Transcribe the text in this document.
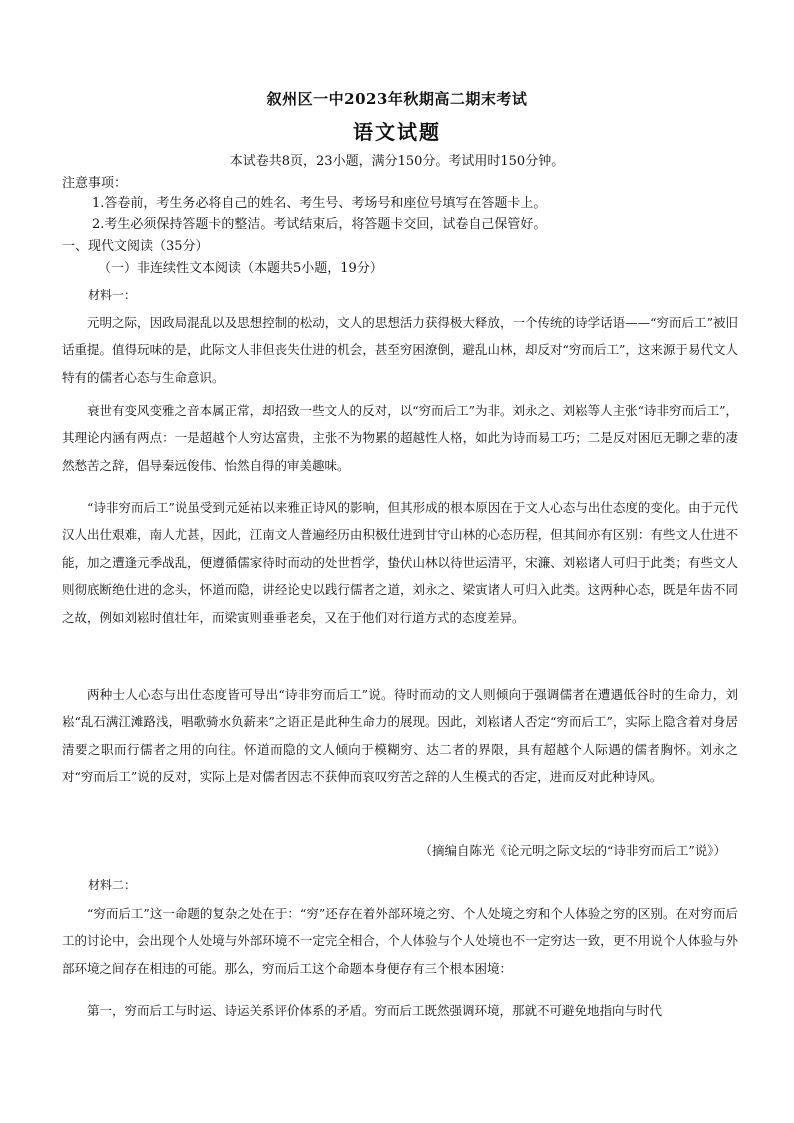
叙州区一中2023年秋期高二期末考试
语文试题
本试卷共8页，23小题，满分150分。考试用时150分钟。
注意事项：
1.答卷前，考生务必将自己的姓名、考生号、考场号和座位号填写在答题卡上。
2.考生必须保持答题卡的整洁。考试结束后，将答题卡交回，试卷自己保管好。
一、现代文阅读（35分）
（一）非连续性文本阅读（本题共5小题，19分）
材料一：

元明之际，因政局混乱以及思想控制的松动，文人的思想活力获得极大释放，一个传统的诗学话语——“穷而后工”被旧话重提。值得玩味的是，此际文人非但丧失仕进的机会，甚至穷困潦倒，避乱山林，却反对“穷而后工”，这来源于易代文人特有的儒者心态与生命意识。

衰世有变风变雅之音本属正常，却招致一些文人的反对，以“穷而后工”为非。刘永之、刘崧等人主张“诗非穷而后工”，其理论内涵有两点：一是超越个人穷达富贵，主张不为物累的超越性人格，如此为诗而易工巧；二是反对困厄无聊之辈的凄然愁苦之辞，倡导秦远俊伟、怡然自得的审美趣味。

“诗非穷而后工”说虽受到元延祐以来雅正诗风的影响，但其形成的根本原因在于文人心态与出仕态度的变化。由于元代汉人出仕艰难，南人尤甚，因此，江南文人普遍经历由积极仕进到甘守山林的心态历程，但其间亦有区别：有些文人仕进不能，加之遭逢元季战乱，便遵循儒家待时而动的处世哲学，蛰伏山林以待世运清平，宋濂、刘崧诸人可归于此类；有些文人则彻底断绝仕进的念头，怀道而隐，讲经论史以践行儒者之道，刘永之、梁寅诸人可归入此类。这两种心态，既是年齿不同之故，例如刘崧时值壮年，而梁寅则垂垂老矣，又在于他们对行道方式的态度差异。

两种士人心态与出仕态度皆可导出“诗非穷而后工”说。待时而动的文人则倾向于强调儒者在遭遇低谷时的生命力，刘崧“乱石满江滩路浅，唱歌骑水负薪来”之语正是此种生命力的展现。因此，刘崧诸人否定“穷而后工”，实际上隐含着对身居清要之职而行儒者之用的向往。怀道而隐的文人倾向于模糊穷、达二者的界限，具有超越个人际遇的儒者胸怀。刘永之对“穷而后工”说的反对，实际上是对儒者因志不获伸而哀叹穷苦之辞的人生模式的否定，进而反对此种诗风。

（摘编自陈光《论元明之际文坛的“诗非穷而后工”说》）
材料二：

“穷而后工”这一命题的复杂之处在于：“穷”还存在着外部环境之穷、个人处境之穷和个人体验之穷的区别。在对穷而后工的讨论中，会出现个人处境与外部环境不一定完全相合，个人体验与个人处境也不一定穷达一致，更不用说个人体验与外部环境之间存在相违的可能。那么，穷而后工这个命题本身便存有三个根本困境：

第一，穷而后工与时运、诗运关系评价体系的矛盾。穷而后工既然强调环境，那就不可避免地指向与时代
